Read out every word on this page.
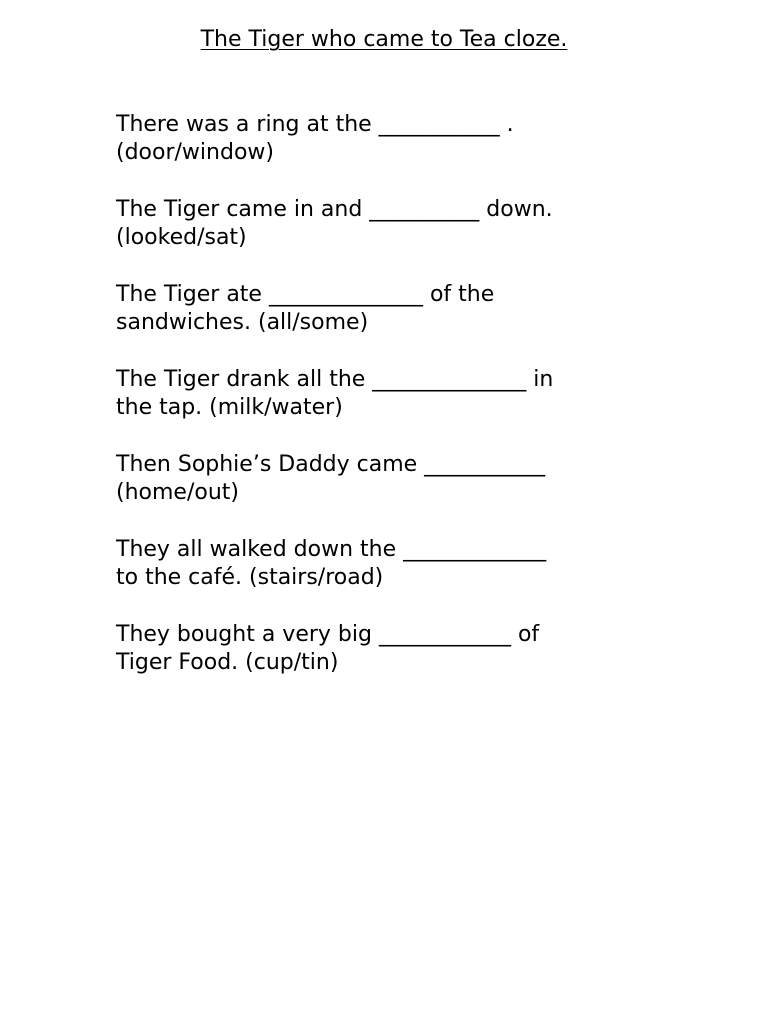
The Tiger who came to Tea cloze.
There was a ring at the ___________ .
(door/window)
The Tiger came in and __________ down.
(looked/sat)
The Tiger ate ______________ of the
sandwiches. (all/some)
The Tiger drank all the ______________ in
the tap. (milk/water)
Then Sophie’s Daddy came ___________
(home/out)
They all walked down the _____________
to the café. (stairs/road)
They bought a very big ____________ of
Tiger Food. (cup/tin)
